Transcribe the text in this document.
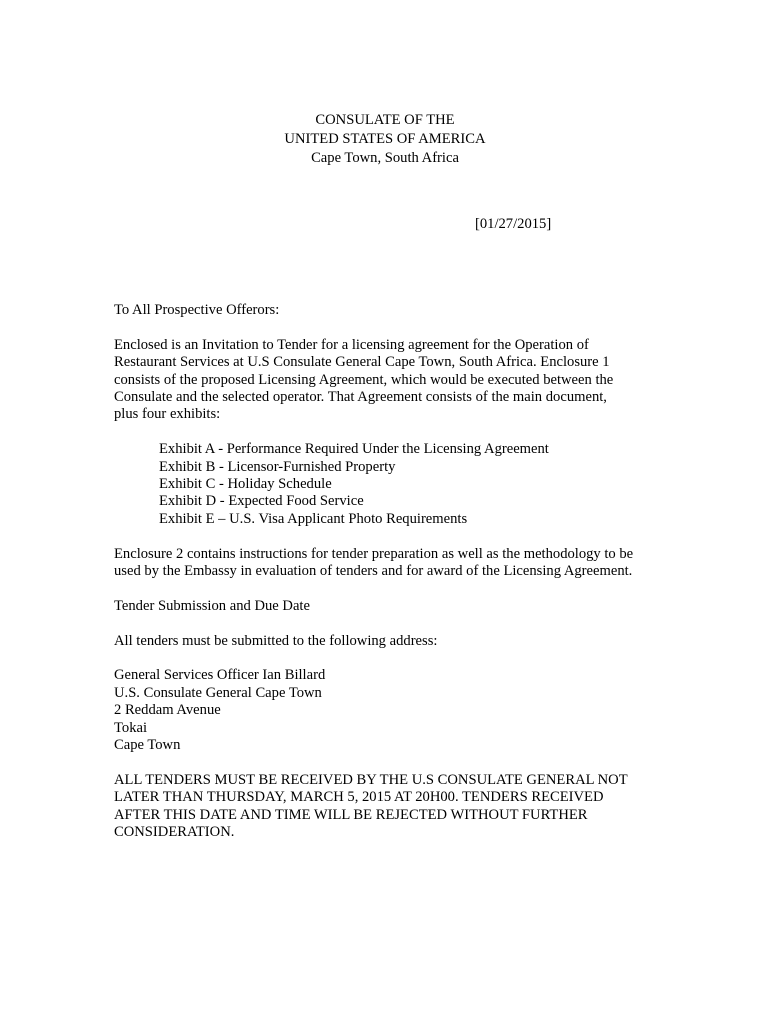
CONSULATE OF THE
UNITED STATES OF AMERICA
Cape Town, South Africa
[01/27/2015]

To All Prospective Offerors:

Enclosed is an Invitation to Tender for a licensing agreement for the Operation of
Restaurant Services at U.S Consulate General Cape Town, South Africa. Enclosure 1
consists of the proposed Licensing Agreement, which would be executed between the
Consulate and the selected operator. That Agreement consists of the main document,
plus four exhibits:

Exhibit A - Performance Required Under the Licensing Agreement
Exhibit B - Licensor-Furnished Property
Exhibit C - Holiday Schedule
Exhibit D - Expected Food Service
Exhibit E – U.S. Visa Applicant Photo Requirements

Enclosure 2 contains instructions for tender preparation as well as the methodology to be
used by the Embassy in evaluation of tenders and for award of the Licensing Agreement.

Tender Submission and Due Date

All tenders must be submitted to the following address:

General Services Officer Ian Billard
U.S. Consulate General Cape Town
2 Reddam Avenue
Tokai
Cape Town

ALL TENDERS MUST BE RECEIVED BY THE U.S CONSULATE GENERAL NOT
LATER THAN THURSDAY, MARCH 5, 2015 AT 20H00. TENDERS RECEIVED
AFTER THIS DATE AND TIME WILL BE REJECTED WITHOUT FURTHER
CONSIDERATION.
